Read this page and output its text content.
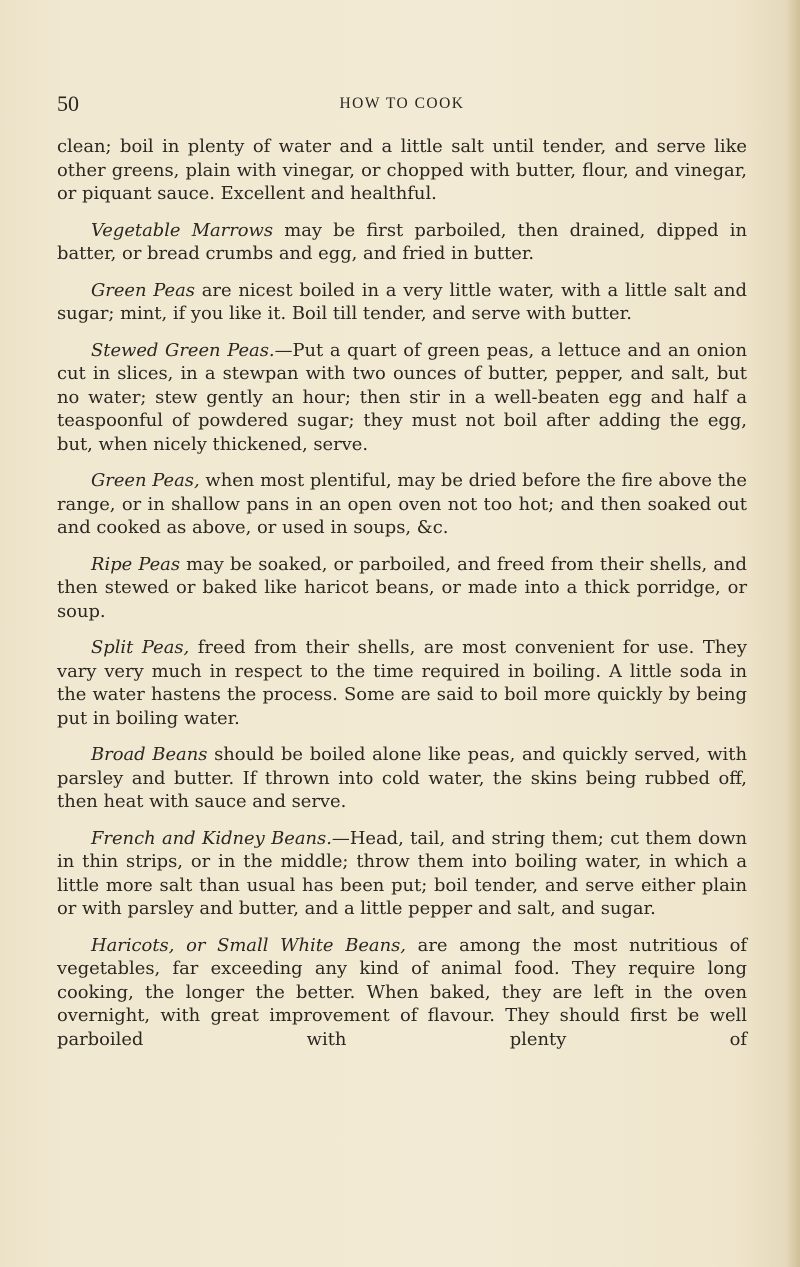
50	HOW TO COOK

clean; boil in plenty of water and a little salt until tender, and serve like other greens, plain with vinegar, or chopped with butter, flour, and vinegar, or piquant sauce. Excellent and healthful.

Vegetable Marrows may be first parboiled, then drained, dipped in batter, or bread crumbs and egg, and fried in butter.

Green Peas are nicest boiled in a very little water, with a little salt and sugar; mint, if you like it. Boil till tender, and serve with butter.

Stewed Green Peas.—Put a quart of green peas, a lettuce and an onion cut in slices, in a stewpan with two ounces of butter, pepper, and salt, but no water; stew gently an hour; then stir in a well-beaten egg and half a teaspoonful of powdered sugar; they must not boil after adding the egg, but, when nicely thickened, serve.

Green Peas, when most plentiful, may be dried before the fire above the range, or in shallow pans in an open oven not too hot; and then soaked out and cooked as above, or used in soups, &c.

Ripe Peas may be soaked, or parboiled, and freed from their shells, and then stewed or baked like haricot beans, or made into a thick porridge, or soup.

Split Peas, freed from their shells, are most convenient for use. They vary very much in respect to the time required in boiling. A little soda in the water hastens the process. Some are said to boil more quickly by being put in boiling water.

Broad Beans should be boiled alone like peas, and quickly served, with parsley and butter. If thrown into cold water, the skins being rubbed off, then heat with sauce and serve.

French and Kidney Beans.—Head, tail, and string them; cut them down in thin strips, or in the middle; throw them into boiling water, in which a little more salt than usual has been put; boil tender, and serve either plain or with parsley and butter, and a little pepper and salt, and sugar.

Haricots, or Small White Beans, are among the most nutritious of vegetables, far exceeding any kind of animal food. They require long cooking, the longer the better. When baked, they are left in the oven overnight, with great improvement of flavour. They should first be well parboiled with plenty of
